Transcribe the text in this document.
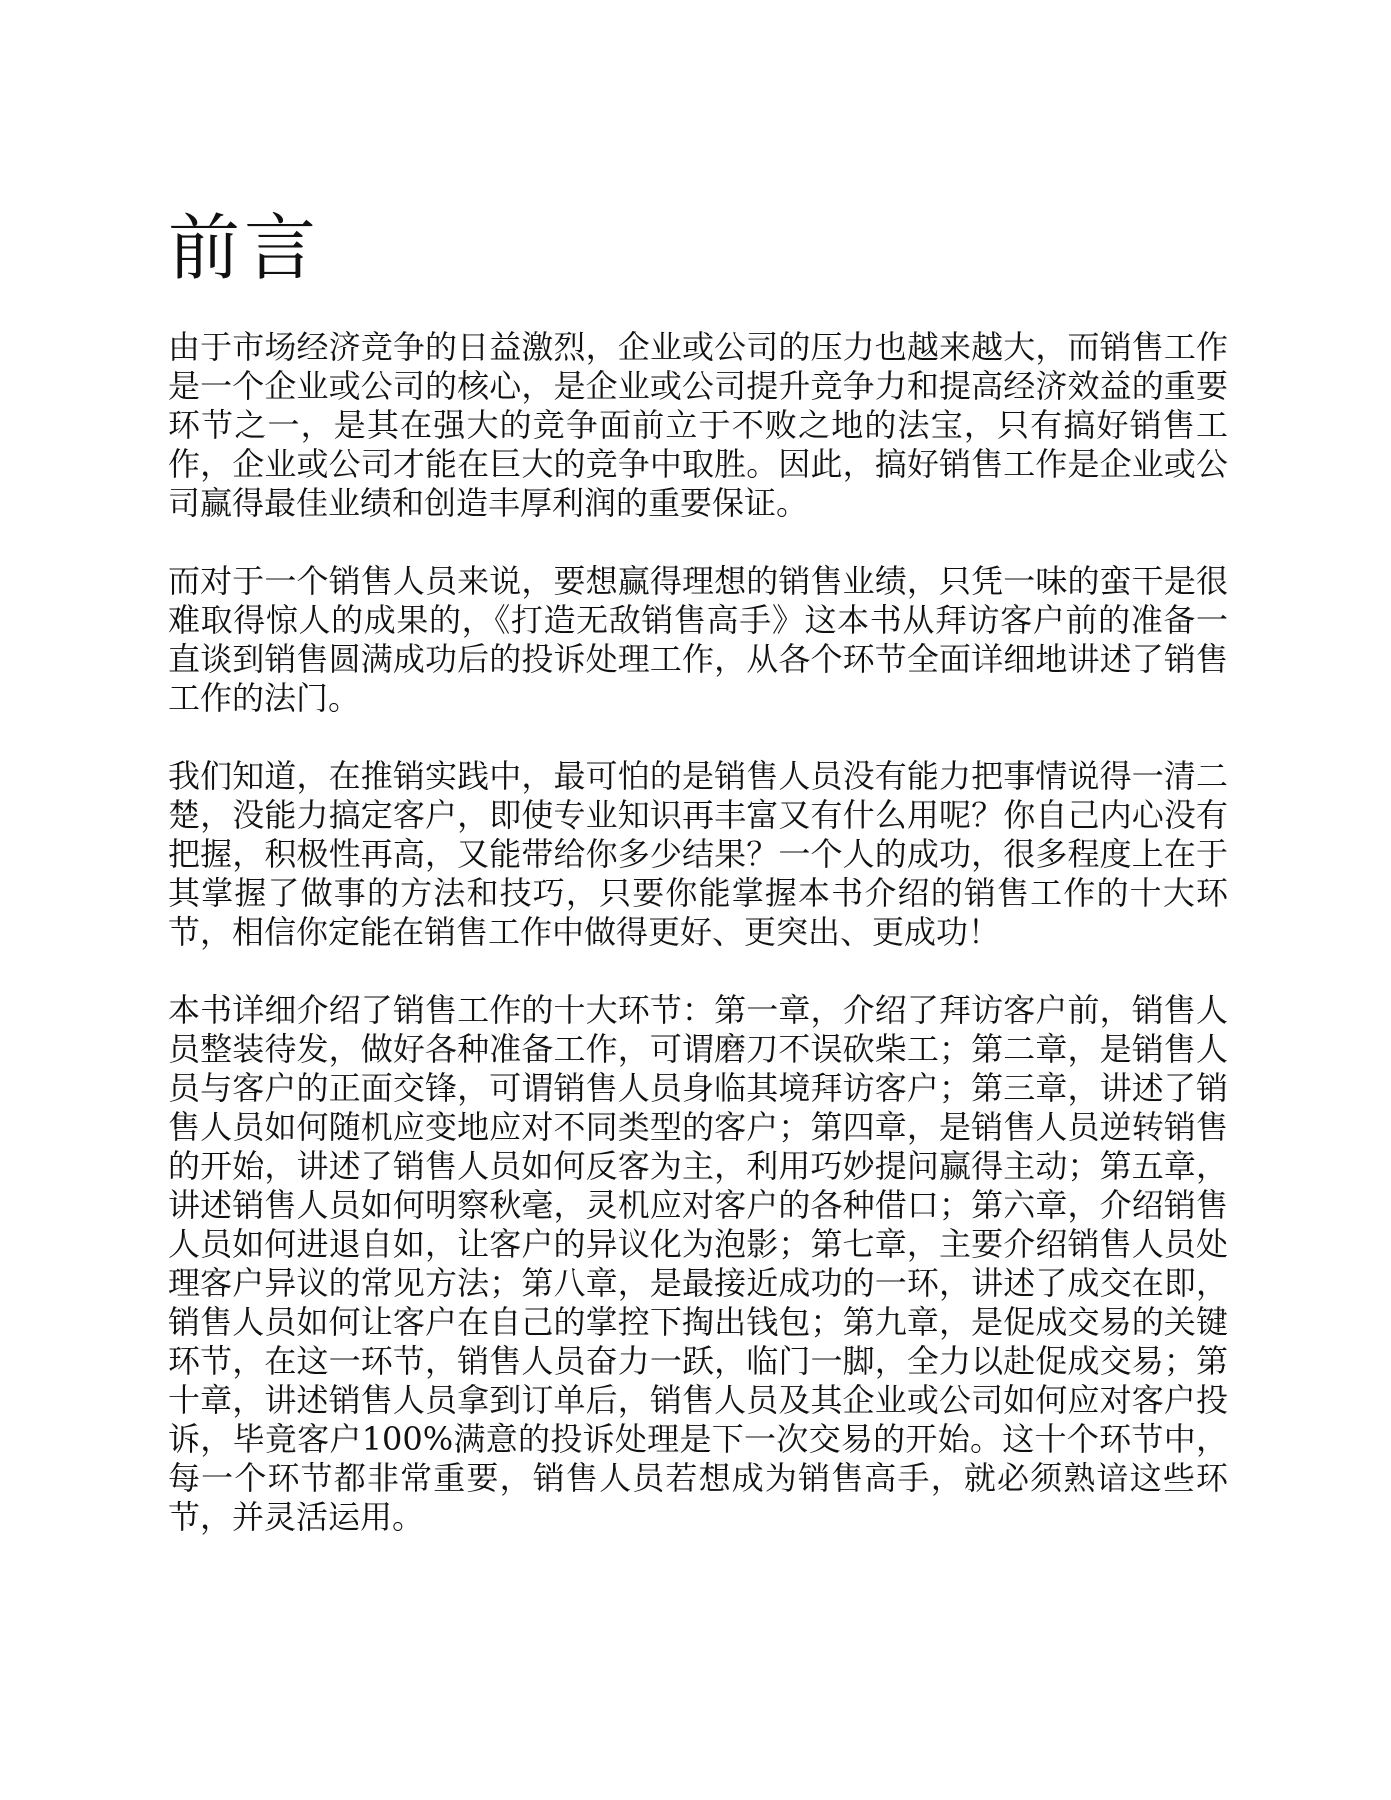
前言

由于市场经济竞争的日益激烈，企业或公司的压力也越来越大，而销售工作是一个企业或公司的核心，是企业或公司提升竞争力和提高经济效益的重要环节之一，是其在强大的竞争面前立于不败之地的法宝，只有搞好销售工作，企业或公司才能在巨大的竞争中取胜。因此，搞好销售工作是企业或公司赢得最佳业绩和创造丰厚利润的重要保证。

而对于一个销售人员来说，要想赢得理想的销售业绩，只凭一味的蛮干是很难取得惊人的成果的，《打造无敌销售高手》这本书从拜访客户前的准备一直谈到销售圆满成功后的投诉处理工作，从各个环节全面详细地讲述了销售工作的法门。

我们知道，在推销实践中，最可怕的是销售人员没有能力把事情说得一清二楚，没能力搞定客户，即使专业知识再丰富又有什么用呢？你自己内心没有把握，积极性再高，又能带给你多少结果？一个人的成功，很多程度上在于其掌握了做事的方法和技巧，只要你能掌握本书介绍的销售工作的十大环节，相信你定能在销售工作中做得更好、更突出、更成功！

本书详细介绍了销售工作的十大环节：第一章，介绍了拜访客户前，销售人员整装待发，做好各种准备工作，可谓磨刀不误砍柴工；第二章，是销售人员与客户的正面交锋，可谓销售人员身临其境拜访客户；第三章，讲述了销售人员如何随机应变地应对不同类型的客户；第四章，是销售人员逆转销售的开始，讲述了销售人员如何反客为主，利用巧妙提问赢得主动；第五章，讲述销售人员如何明察秋毫，灵机应对客户的各种借口；第六章，介绍销售人员如何进退自如，让客户的异议化为泡影；第七章，主要介绍销售人员处理客户异议的常见方法；第八章，是最接近成功的一环，讲述了成交在即，销售人员如何让客户在自己的掌控下掏出钱包；第九章，是促成交易的关键环节，在这一环节，销售人员奋力一跃，临门一脚，全力以赴促成交易；第十章，讲述销售人员拿到订单后，销售人员及其企业或公司如何应对客户投诉，毕竟客户100%满意的投诉处理是下一次交易的开始。这十个环节中，每一个环节都非常重要，销售人员若想成为销售高手，就必须熟谙这些环节，并灵活运用。
